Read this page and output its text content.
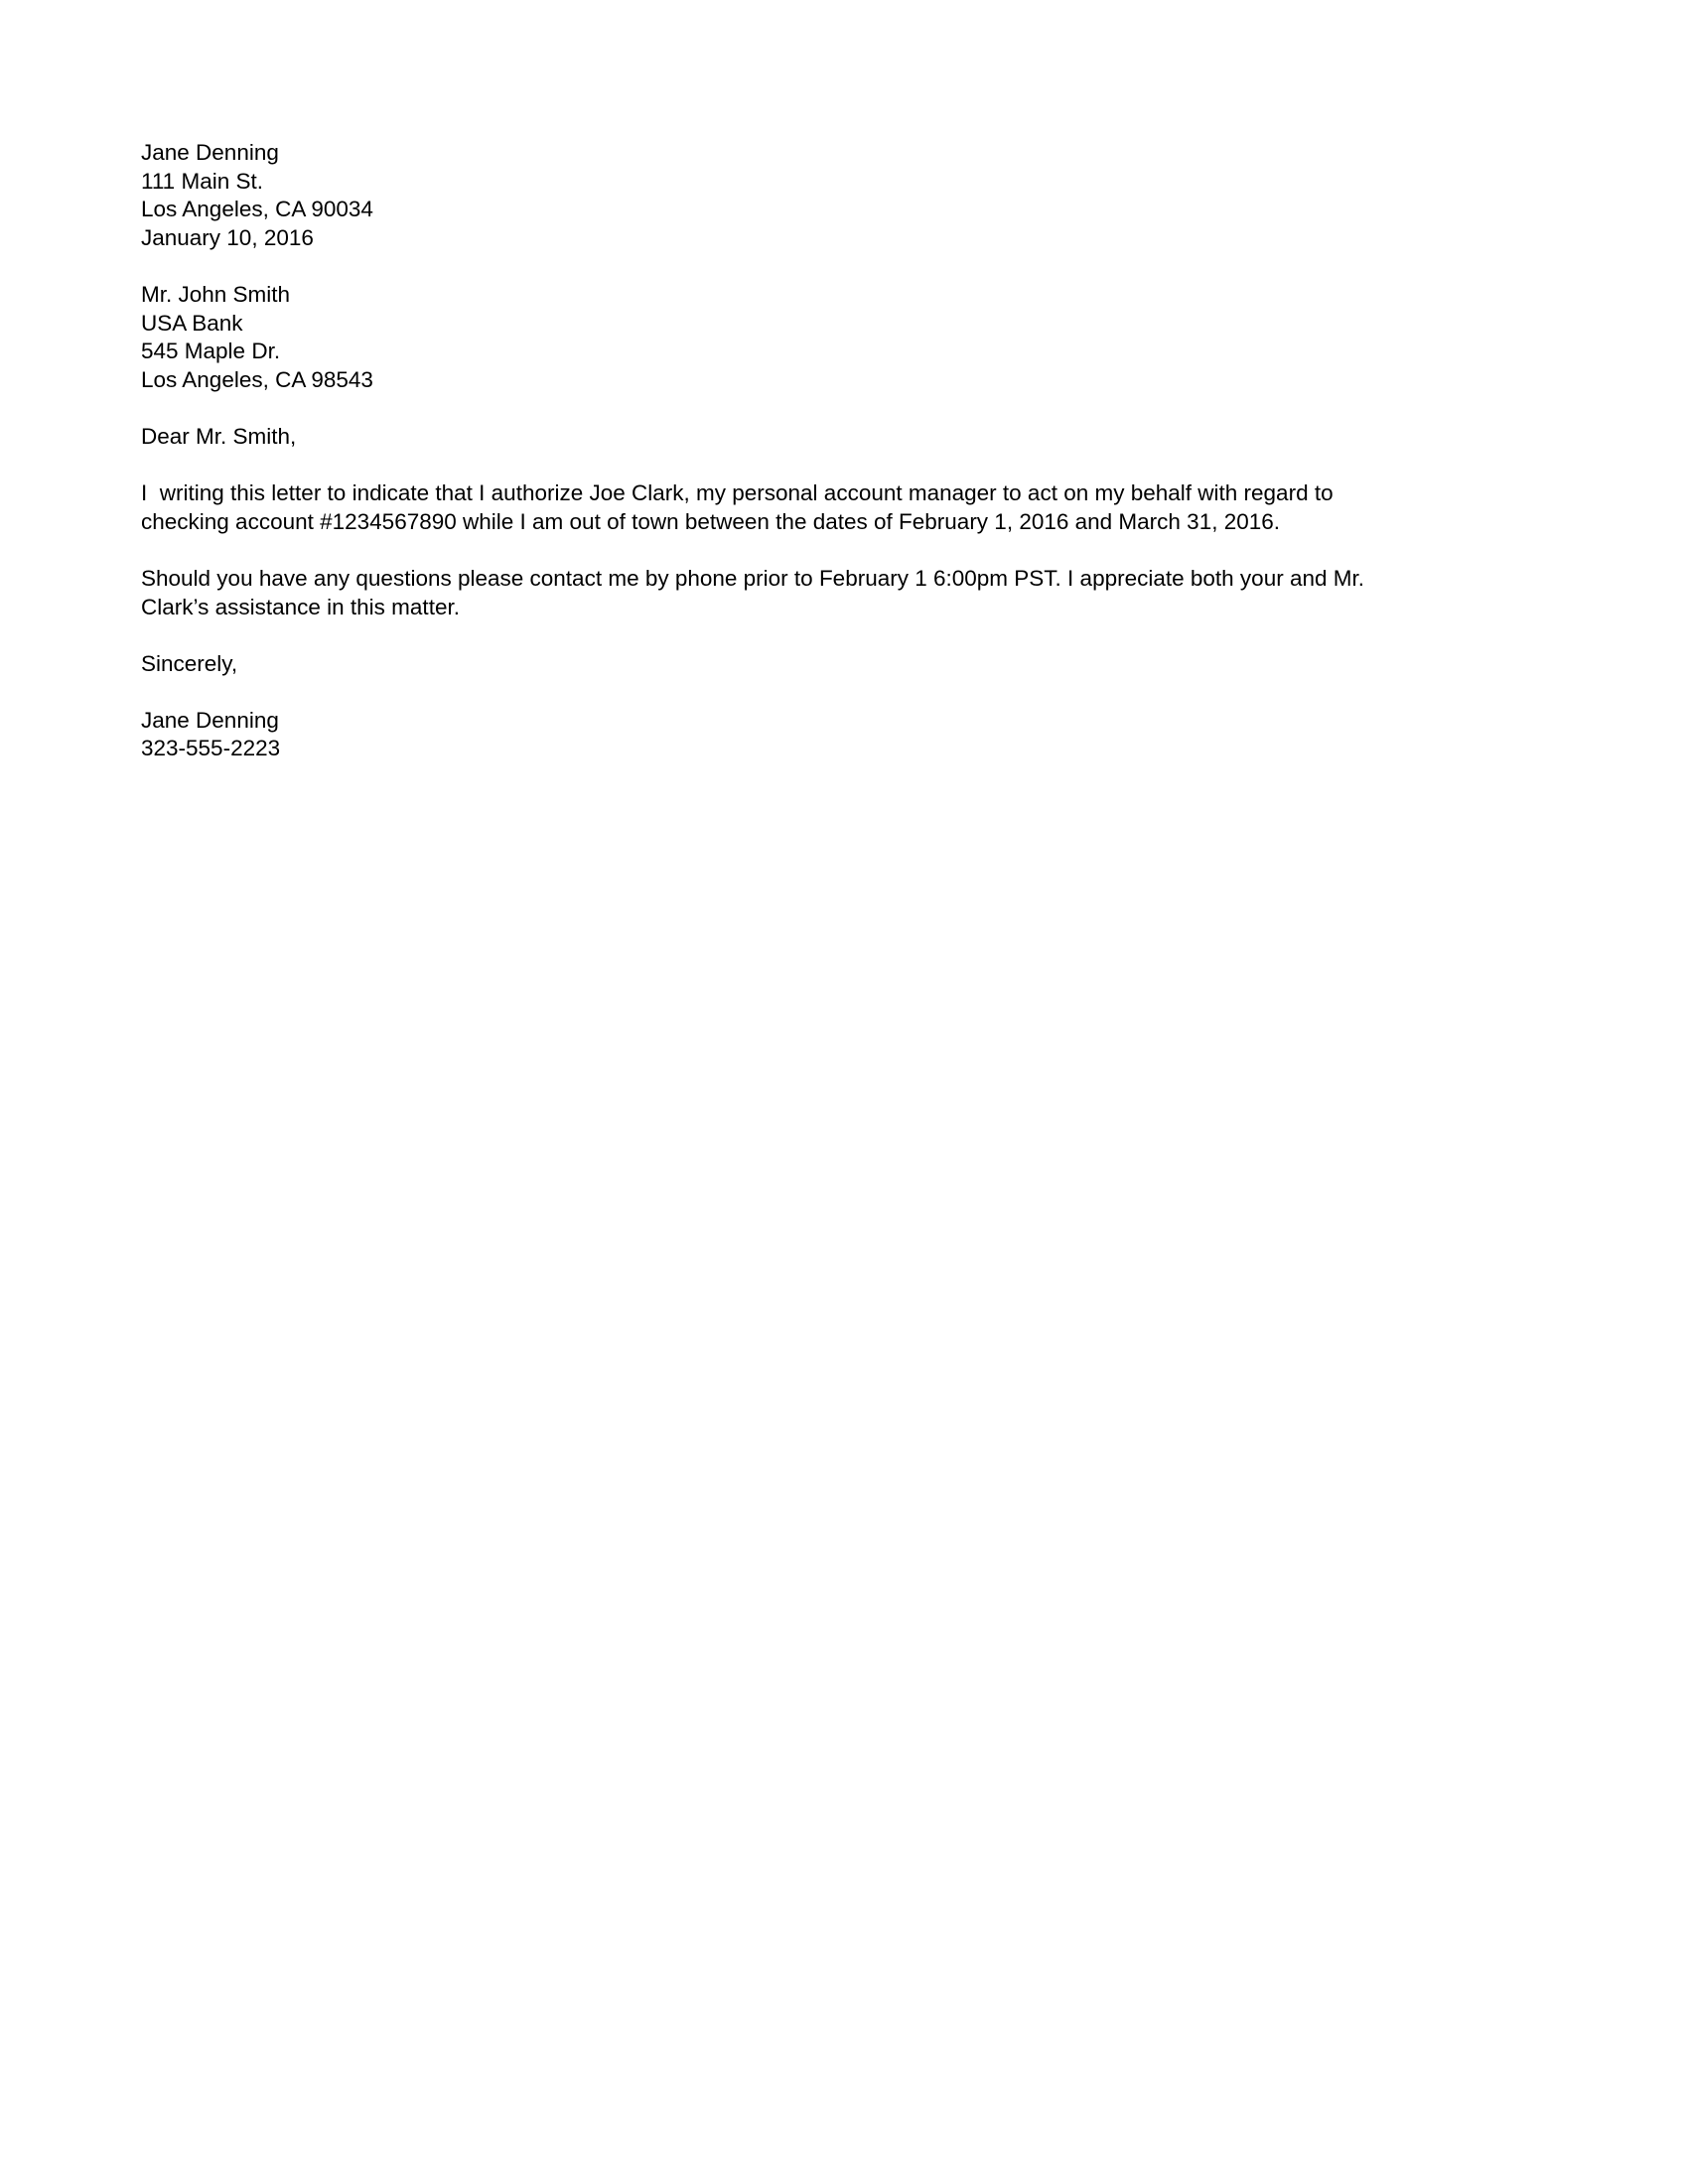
Jane Denning
111 Main St.
Los Angeles, CA 90034
January 10, 2016
Mr. John Smith
USA Bank
545 Maple Dr.
Los Angeles, CA 98543

Dear Mr. Smith,

I  writing this letter to indicate that I authorize Joe Clark, my personal account manager to act on my behalf with regard to checking account #1234567890 while I am out of town between the dates of February 1, 2016 and March 31, 2016.

Should you have any questions please contact me by phone prior to February 1 6:00pm PST. I appreciate both your and Mr. Clark’s assistance in this matter.

Sincerely,

Jane Denning
323-555-2223
